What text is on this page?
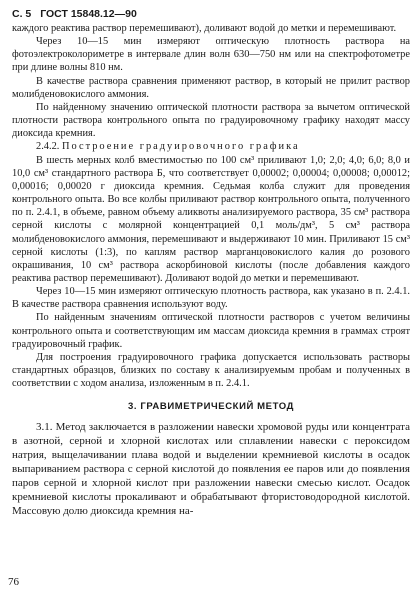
С. 5 ГОСТ 15848.12—90

каждого реактива раствор перемешивают), доливают водой до метки и перемешивают.

Через 10—15 мин измеряют оптическую плотность раствора на фотоэлектроколориметре в интервале длин волн 630—750 нм или на спектрофотометре при длине волны 810 нм.

В качестве раствора сравнения применяют раствор, в который не прилит раствор молибденовокислого аммония.

По найденному значению оптической плотности раствора за вычетом оптической плотности раствора контрольного опыта по градуировочному графику находят массу диоксида кремния.

2.4.2. Построение градуировочного графика

В шесть мерных колб вместимостью по 100 см³ приливают 1,0; 2,0; 4,0; 6,0; 8,0 и 10,0 см³ стандартного раствора Б, что соответствует 0,00002; 0,00004; 0,00008; 0,00012; 0,00016; 0,00020 г диоксида кремния. Седьмая колба служит для проведения контрольного опыта. Во все колбы приливают раствор контрольного опыта, полученного по п. 2.4.1, в объеме, равном объему аликвоты анализируемого раствора, 35 см³ раствора серной кислоты с молярной концентрацией 0,1 моль/дм³, 5 см³ раствора молибденовокислого аммония, перемешивают и выдерживают 10 мин. Приливают 15 см³ серной кислоты (1:3), по каплям раствор марганцовокислого калия до розового окрашивания, 10 см³ раствора аскорбиновой кислоты (после добавления каждого реактива раствор перемешивают). Доливают водой до метки и перемешивают.

Через 10—15 мин измеряют оптическую плотность раствора, как указано в п. 2.4.1. В качестве раствора сравнения используют воду.

По найденным значениям оптической плотности растворов с учетом величины контрольного опыта и соответствующим им массам диоксида кремния в граммах строят градуировочный график.

Для построения градуировочного графика допускается использовать растворы стандартных образцов, близких по составу к анализируемым пробам и полученных в соответствии с ходом анализа, изложенным в п. 2.4.1.

3. ГРАВИМЕТРИЧЕСКИЙ МЕТОД

3.1. Метод заключается в разложении навески хромовой руды или концентрата в азотной, серной и хлорной кислотах или сплавлении навески с пероксидом натрия, выщелачивании плава водой и выделении кремниевой кислоты в осадок выпариванием раствора с серной кислотой до появления ее паров или до появления паров серной и хлорной кислот при разложении навески смесью кислот. Осадок кремниевой кислоты прокаливают и обрабатывают фтористоводородной кислотой. Массовую долю диоксида кремния на-

76
